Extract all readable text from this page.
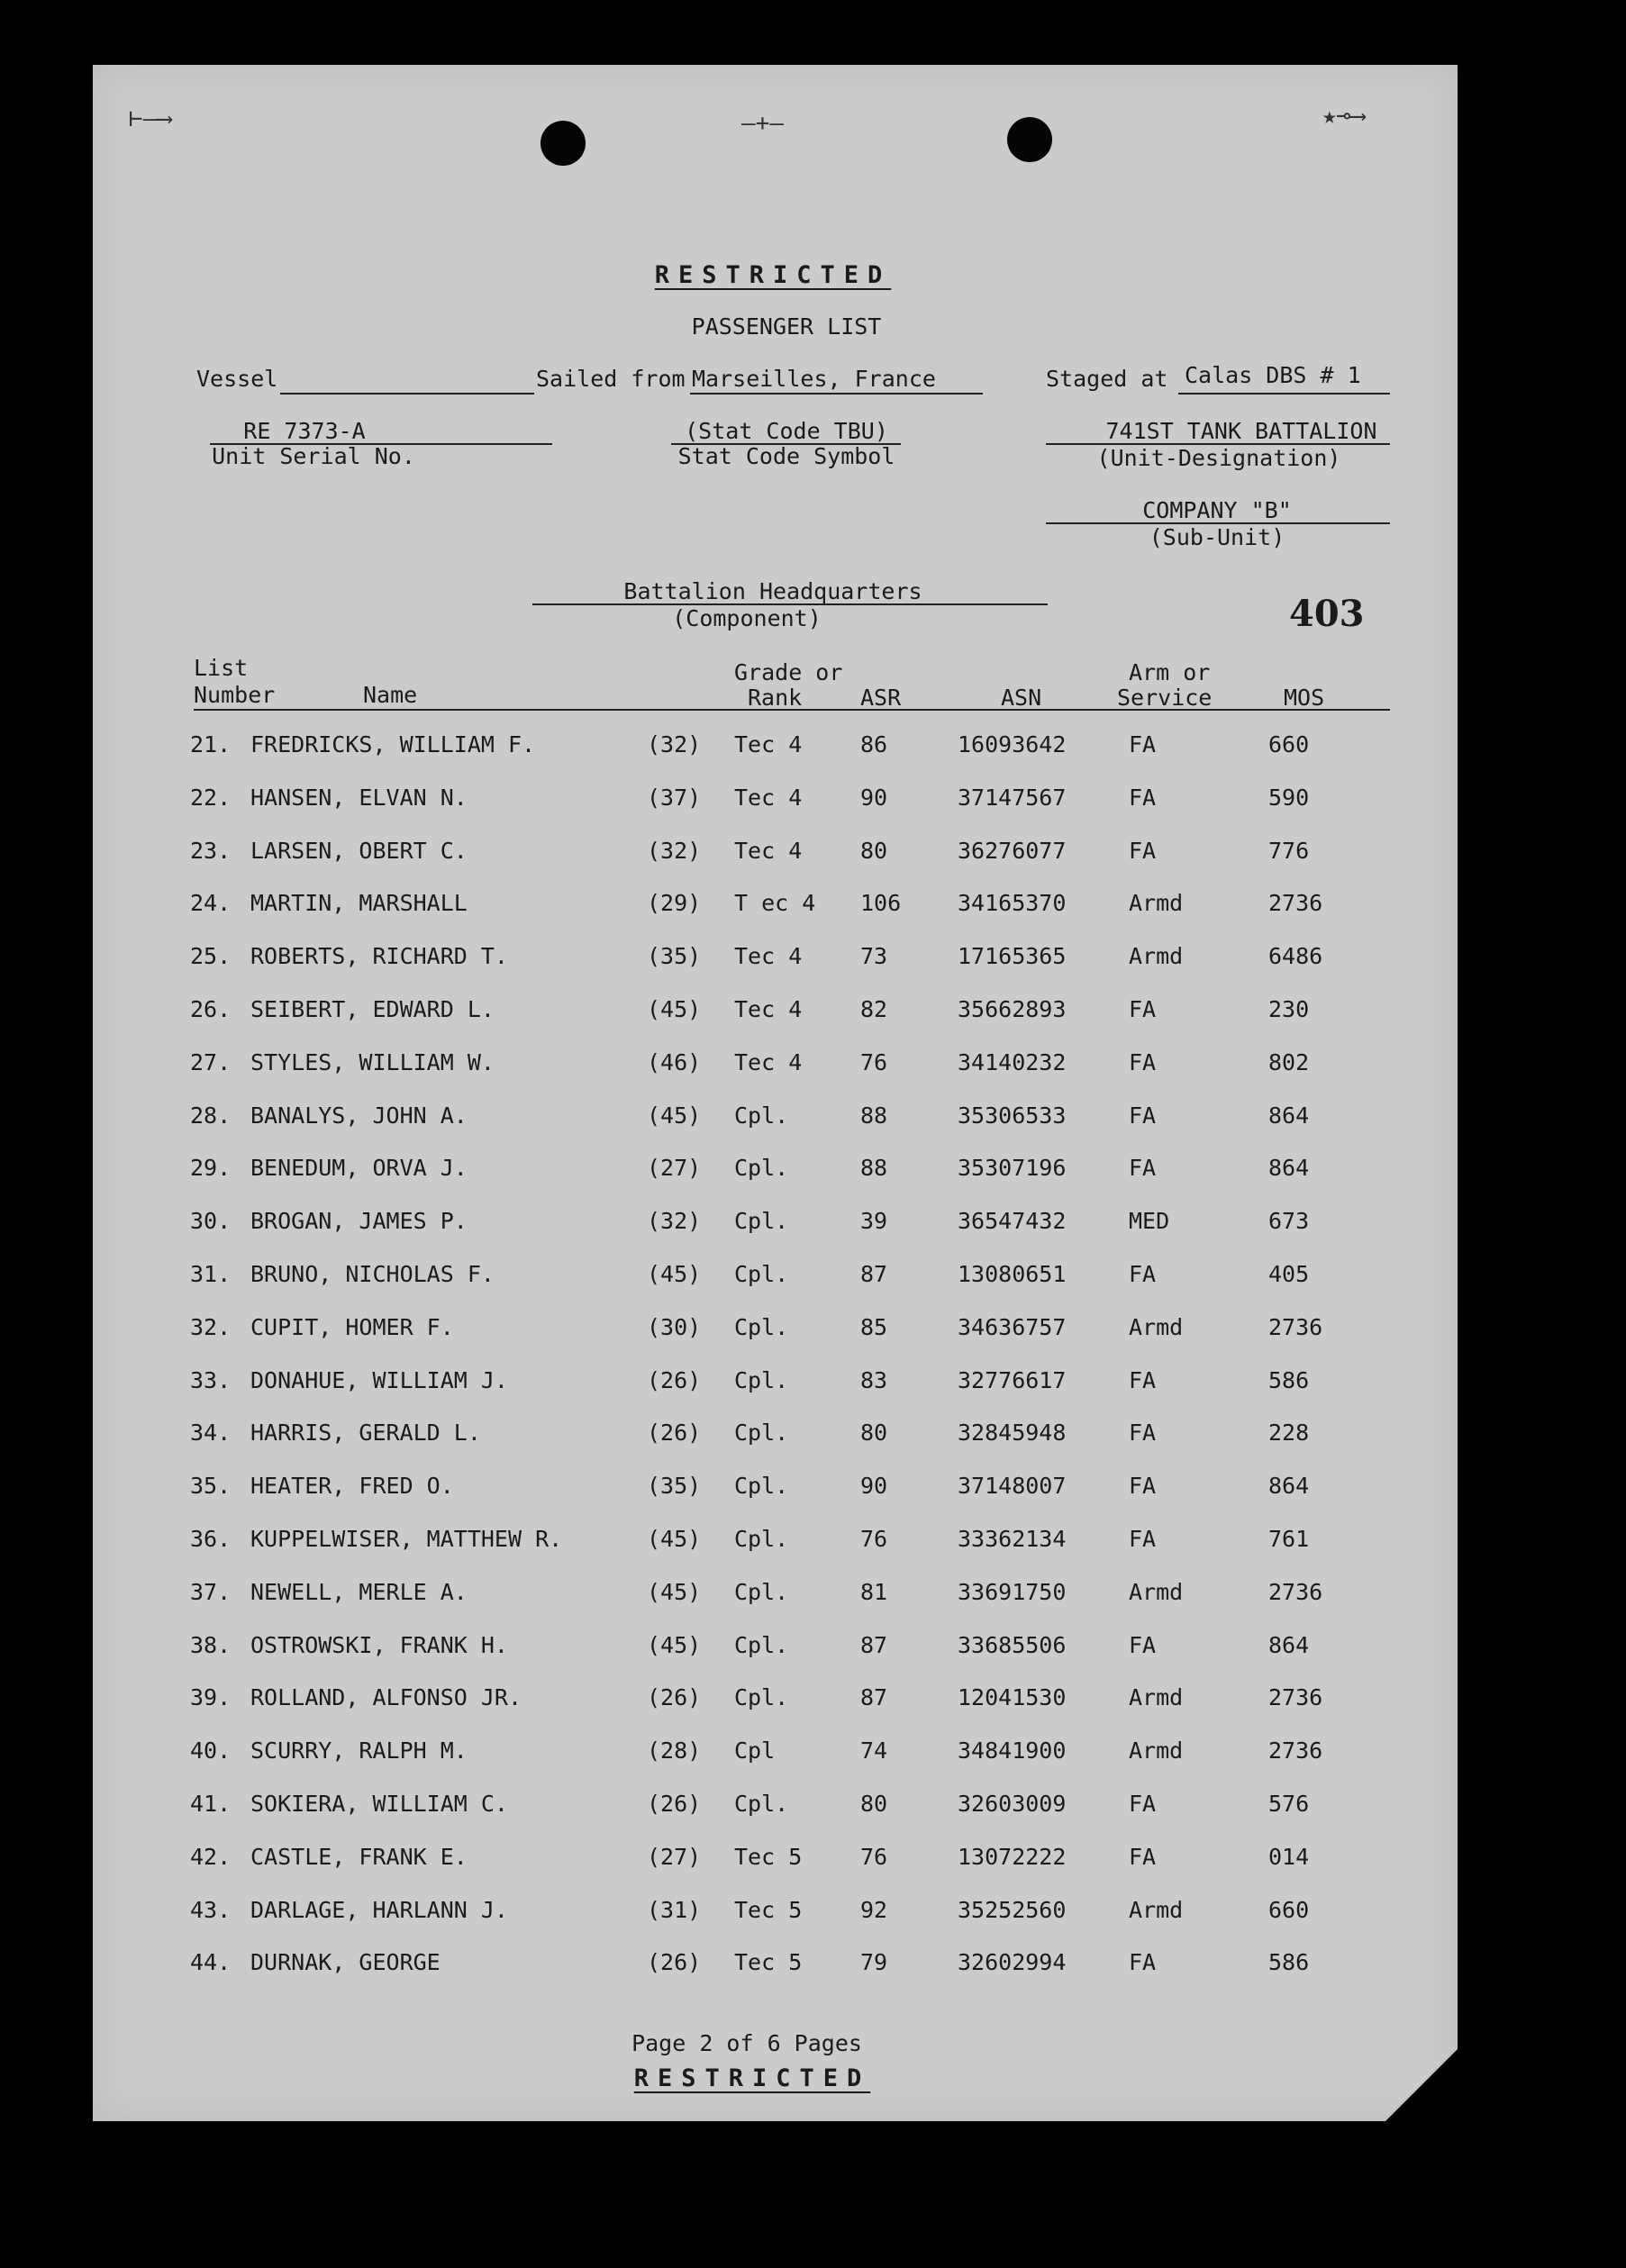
⊢—⟶	—+—	★⊸⟶
RESTRICTED
PASSENGER LIST
Vessel	Sailed from Marseilles, France	Staged at Calas DBS # 1
RE 7373-A
Unit Serial No.
(Stat Code TBU)
Stat Code Symbol
741ST TANK BATTALION
(Unit-Designation)
COMPANY "B"
(Sub-Unit)
Battalion Headquarters
(Component)	403
List
Number	Name
Grade or
Rank	ASR	ASN
Arm or
Service	MOS
21. FREDRICKS, WILLIAM F.	(32) Tec 4	86	16093642	FA	660
22. HANSEN, ELVAN N.	(37) Tec 4	90	37147567	FA	590
23. LARSEN, OBERT C.	(32) Tec 4	80	36276077	FA	776
24. MARTIN, MARSHALL	(29) T ec 4 106	34165370	Armd	2736
25. ROBERTS, RICHARD T.	(35) Tec 4	73	17165365	Armd	6486
26. SEIBERT, EDWARD L.	(45) Tec 4	82	35662893	FA	230
27. STYLES, WILLIAM W.	(46) Tec 4	76	34140232	FA	802
28. BANALYS, JOHN A.	(45) Cpl.	88	35306533	FA	864
29. BENEDUM, ORVA J.	(27) Cpl.	88	35307196	FA	864
30. BROGAN, JAMES P.	(32) Cpl.	39	36547432	MED	673
31. BRUNO, NICHOLAS F.	(45) Cpl.	87	13080651	FA	405
32. CUPIT, HOMER F.	(30) Cpl.	85	34636757	Armd	2736
33. DONAHUE, WILLIAM J.	(26) Cpl.	83	32776617	FA	586
34. HARRIS, GERALD L.	(26) Cpl.	80	32845948	FA	228
35. HEATER, FRED O.	(35) Cpl.	90	37148007	FA	864
36. KUPPELWISER, MATTHEW R.	(45) Cpl.	76	33362134	FA	761
37. NEWELL, MERLE A.	(45) Cpl.	81	33691750	Armd	2736
38. OSTROWSKI, FRANK H.	(45) Cpl.	87	33685506	FA	864
39. ROLLAND, ALFONSO JR.	(26) Cpl.	87	12041530	Armd	2736
40. SCURRY, RALPH M.	(28) Cpl	74	34841900	Armd	2736
41. SOKIERA, WILLIAM C.	(26) Cpl.	80	32603009	FA	576
42. CASTLE, FRANK E.	(27) Tec 5	76	13072222	FA	014
43. DARLAGE, HARLANN J.	(31) Tec 5	92	35252560	Armd	660
44. DURNAK, GEORGE	(26) Tec 5	79	32602994	FA	586
Page 2 of 6 Pages
RESTRICTED
